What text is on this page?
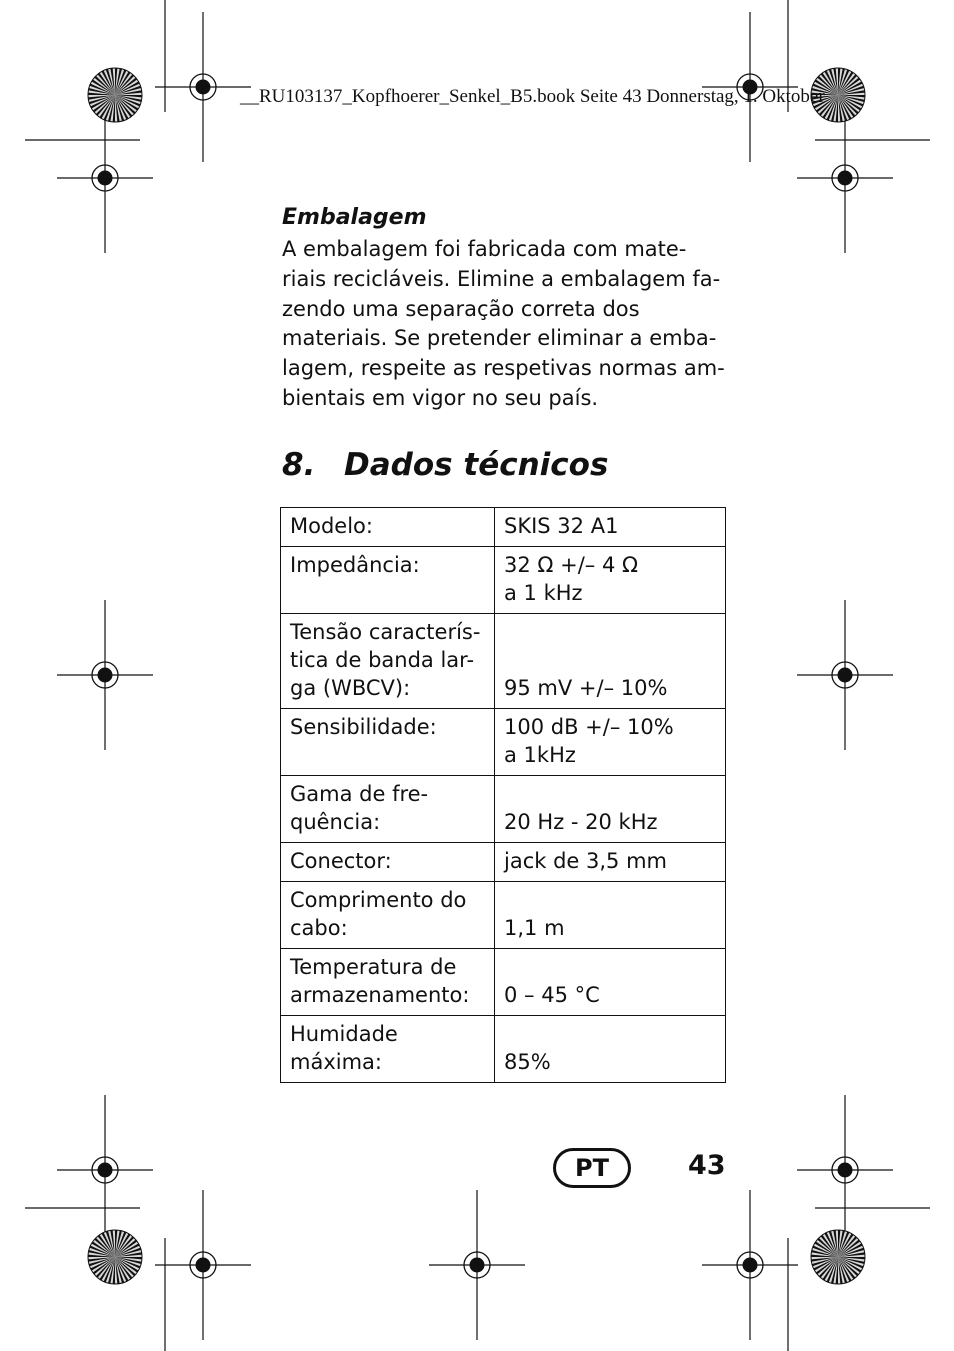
__RU103137_Kopfhoerer_Senkel_B5.book Seite 43 Donnerstag, 1. Oktober
Embalagem
A embalagem foi fabricada com mate-
riais recicláveis. Elimine a embalagem fa-
zendo uma separação correta dos
materiais. Se pretender eliminar a emba-
lagem, respeite as respetivas normas am-
bientais em vigor no seu país.
8. Dados técnicos
Modelo:	SKIS 32 A1

Impedância:	32 Ω +/– 4 Ω
a 1 kHz

Tensão caracterís-
tica de banda lar-
ga (WBCV):	95 mV +/– 10%

Sensibilidade:	100 dB +/– 10%
a 1kHz

Gama de fre-
quência:	20 Hz - 20 kHz

Conector:	jack de 3,5 mm

Comprimento do
cabo:	1,1 m

Temperatura de
armazenamento:	0 – 45 °C

Humidade
máxima:	85%
PT	43
